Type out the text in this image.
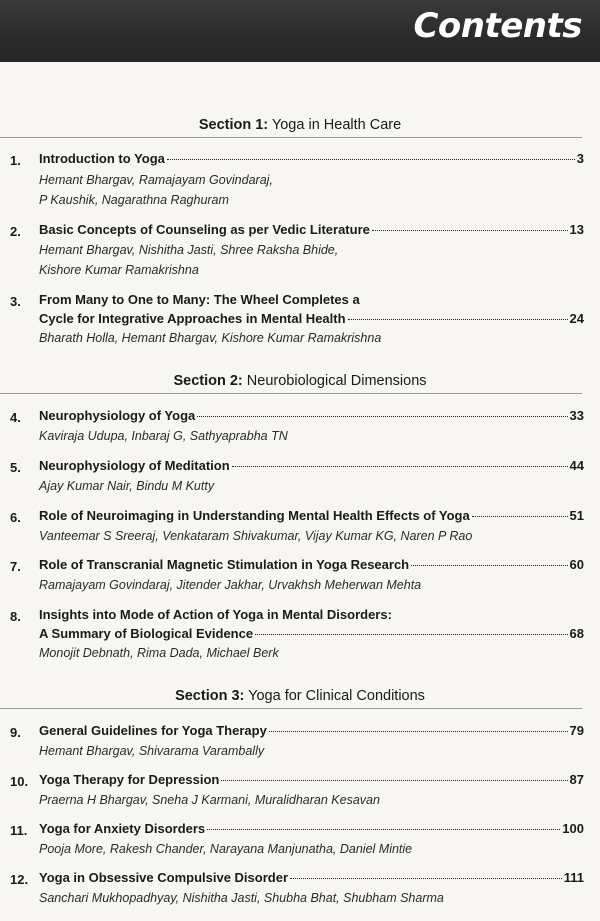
Contents
Section 1: Yoga in Health Care
1.	Introduction to Yoga	3
Hemant Bhargav, Ramajayam Govindaraj,
P Kaushik, Nagarathna Raghuram
2.	Basic Concepts of Counseling as per Vedic Literature	13
Hemant Bhargav, Nishitha Jasti, Shree Raksha Bhide,
Kishore Kumar Ramakrishna
3.	From Many to One to Many: The Wheel Completes a
Cycle for Integrative Approaches in Mental Health	24
Bharath Holla, Hemant Bhargav, Kishore Kumar Ramakrishna
Section 2: Neurobiological Dimensions
4.	Neurophysiology of Yoga	33
Kaviraja Udupa, Inbaraj G, Sathyaprabha TN
5.	Neurophysiology of Meditation	44
Ajay Kumar Nair, Bindu M Kutty
6.	Role of Neuroimaging in Understanding Mental Health Effects of Yoga	51
Vanteemar S Sreeraj, Venkataram Shivakumar, Vijay Kumar KG, Naren P Rao
7.	Role of Transcranial Magnetic Stimulation in Yoga Research	60
Ramajayam Govindaraj, Jitender Jakhar, Urvakhsh Meherwan Mehta
8.	Insights into Mode of Action of Yoga in Mental Disorders:
A Summary of Biological Evidence	68
Monojit Debnath, Rima Dada, Michael Berk
Section 3: Yoga for Clinical Conditions
9.	General Guidelines for Yoga Therapy	79
Hemant Bhargav, Shivarama Varambally
10. Yoga Therapy for Depression	87
Praerna H Bhargav, Sneha J Karmani, Muralidharan Kesavan
11. Yoga for Anxiety Disorders	100
Pooja More, Rakesh Chander, Narayana Manjunatha, Daniel Mintie
12. Yoga in Obsessive Compulsive Disorder	111
Sanchari Mukhopadhyay, Nishitha Jasti, Shubha Bhat, Shubham Sharma
